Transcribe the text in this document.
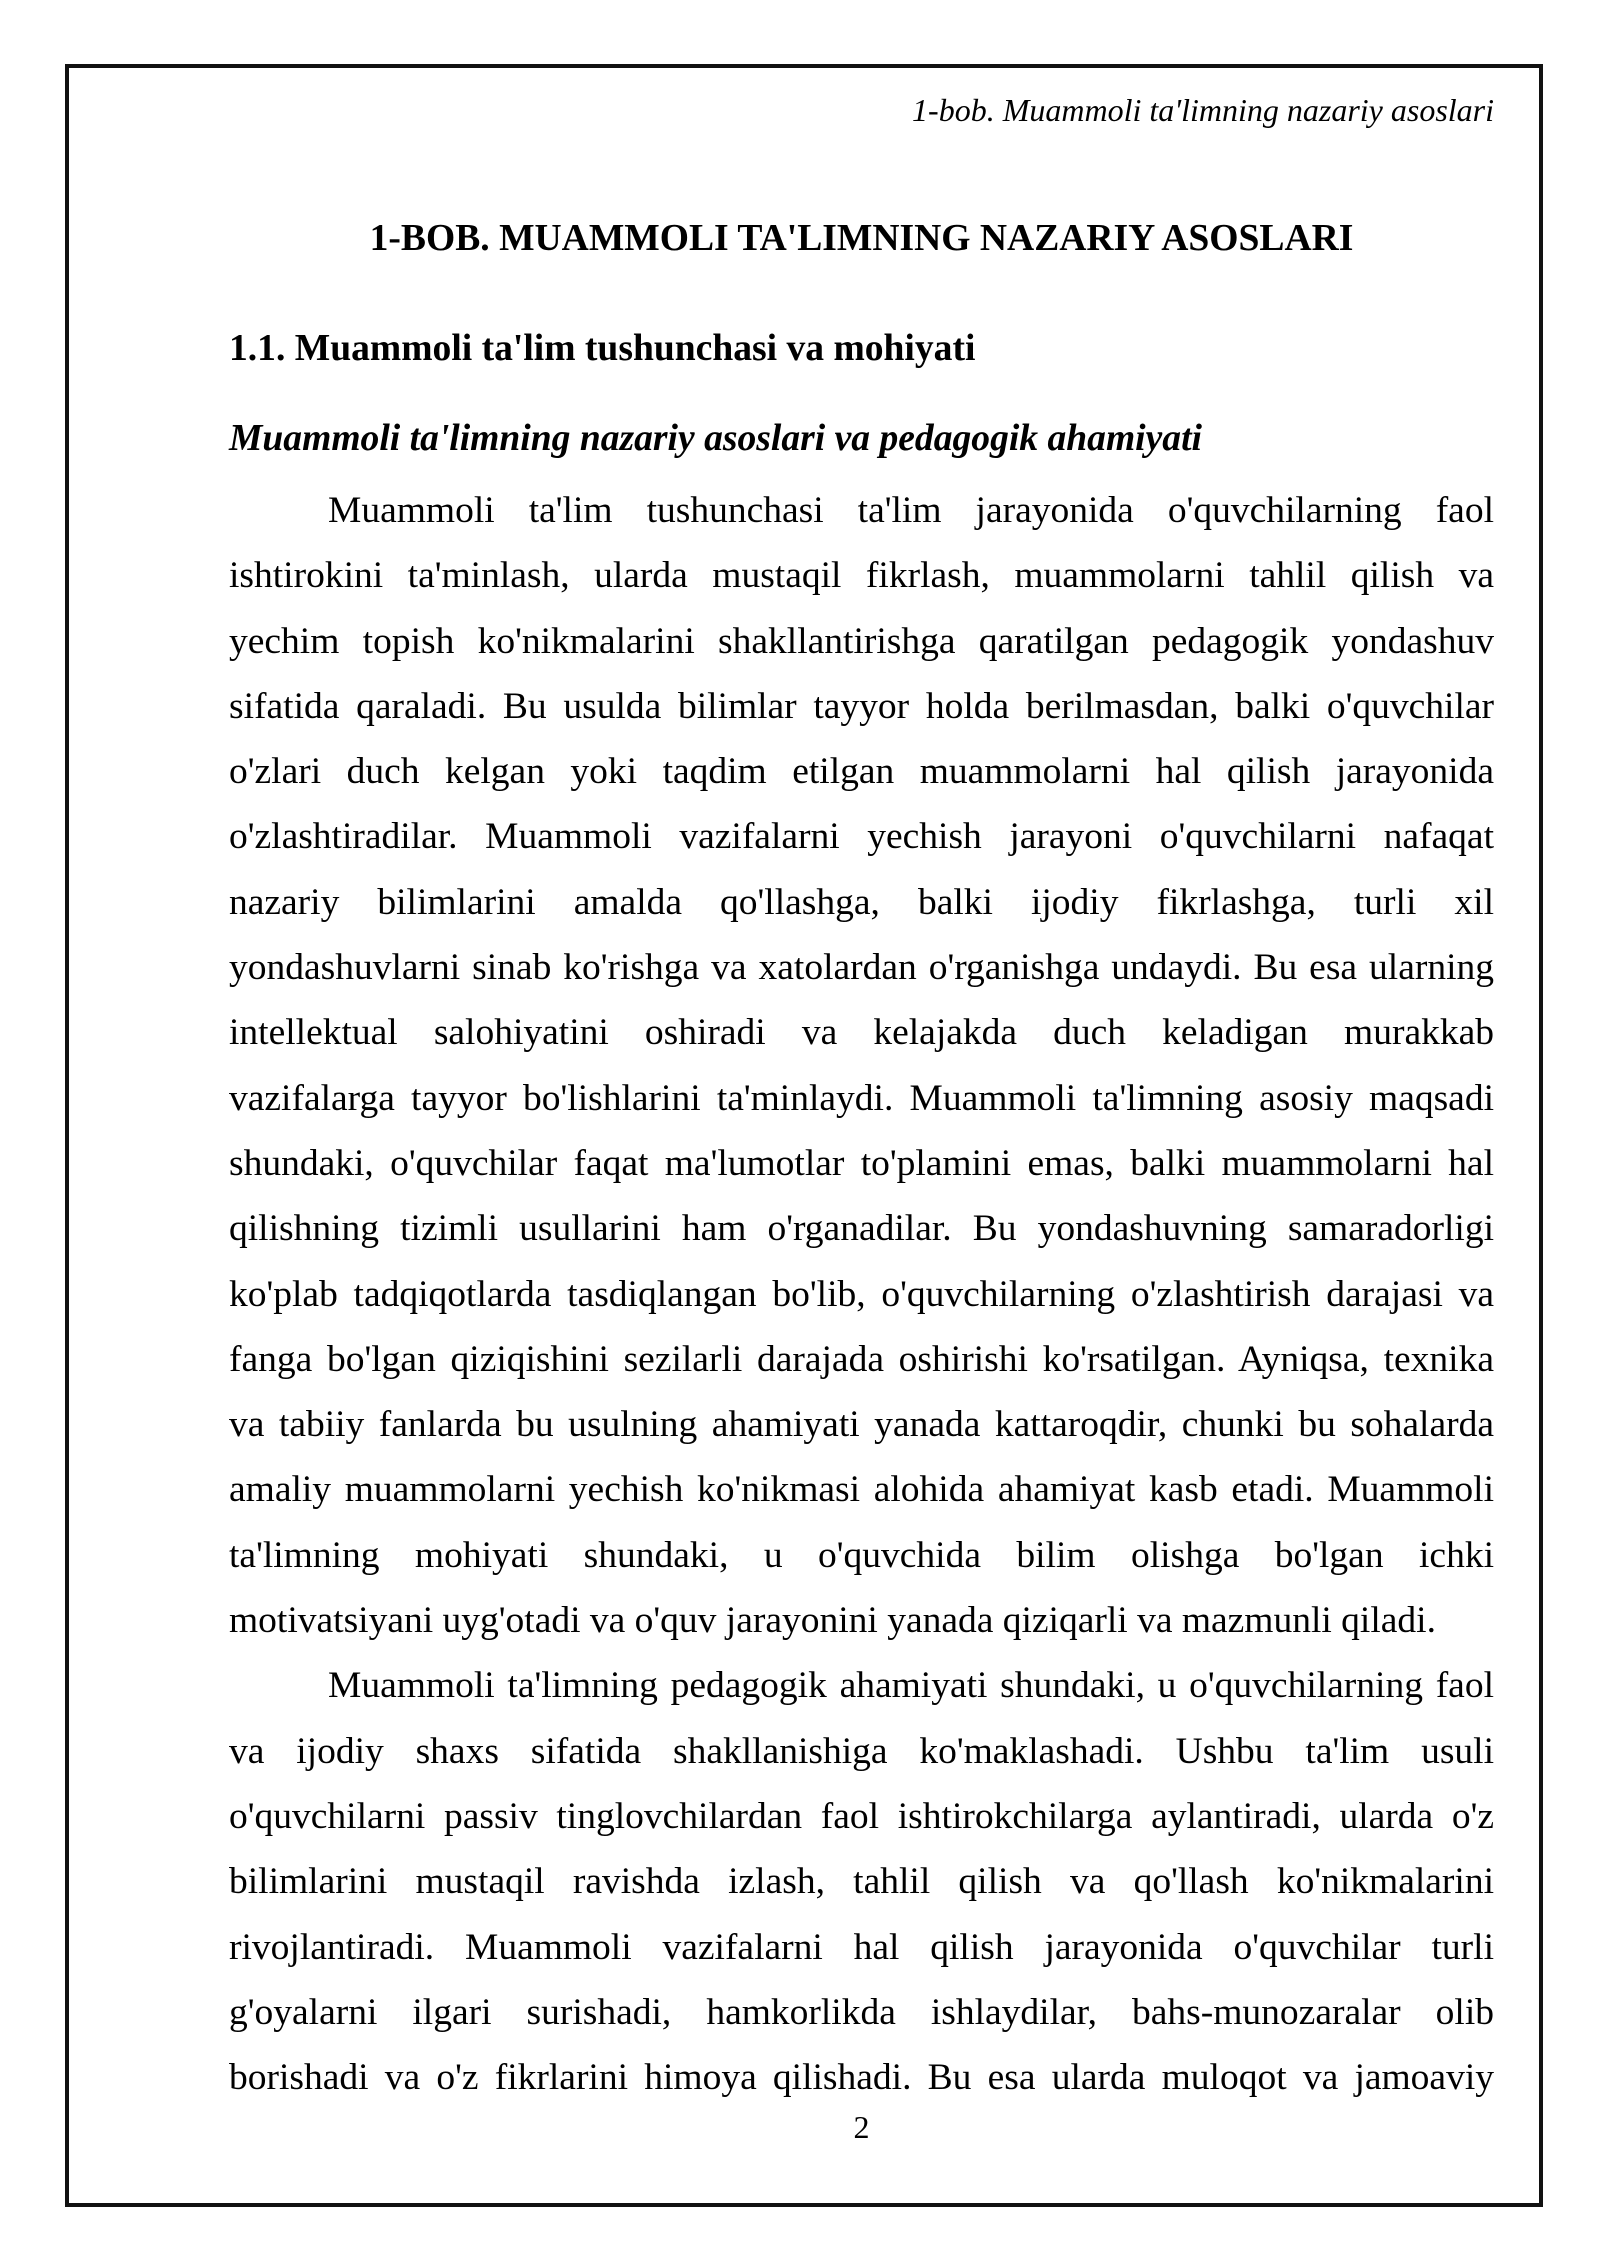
1-bob. Muammoli ta'limning nazariy asoslari
1-BOB. MUAMMOLI TA'LIMNING NAZARIY ASOSLARI
1.1. Muammoli ta'lim tushunchasi va mohiyati
Muammoli ta'limning nazariy asoslari va pedagogik ahamiyati
Muammoli ta'lim tushunchasi ta'lim jarayonida o'quvchilarning faol
ishtirokini ta'minlash, ularda mustaqil fikrlash, muammolarni tahlil qilish va
yechim topish ko'nikmalarini shakllantirishga qaratilgan pedagogik yondashuv
sifatida qaraladi. Bu usulda bilimlar tayyor holda berilmasdan, balki o'quvchilar
o'zlari duch kelgan yoki taqdim etilgan muammolarni hal qilish jarayonida
o'zlashtiradilar. Muammoli vazifalarni yechish jarayoni o'quvchilarni nafaqat
nazariy bilimlarini amalda qo'llashga, balki ijodiy fikrlashga, turli xil
yondashuvlarni sinab ko'rishga va xatolardan o'rganishga undaydi. Bu esa ularning
intellektual salohiyatini oshiradi va kelajakda duch keladigan murakkab
vazifalarga tayyor bo'lishlarini ta'minlaydi. Muammoli ta'limning asosiy maqsadi
shundaki, o'quvchilar faqat ma'lumotlar to'plamini emas, balki muammolarni hal
qilishning tizimli usullarini ham o'rganadilar. Bu yondashuvning samaradorligi
ko'plab tadqiqotlarda tasdiqlangan bo'lib, o'quvchilarning o'zlashtirish darajasi va
fanga bo'lgan qiziqishini sezilarli darajada oshirishi ko'rsatilgan. Ayniqsa, texnika
va tabiiy fanlarda bu usulning ahamiyati yanada kattaroqdir, chunki bu sohalarda
amaliy muammolarni yechish ko'nikmasi alohida ahamiyat kasb etadi. Muammoli
ta'limning mohiyati shundaki, u o'quvchida bilim olishga bo'lgan ichki
motivatsiyani uyg'otadi va o'quv jarayonini yanada qiziqarli va mazmunli qiladi.
Muammoli ta'limning pedagogik ahamiyati shundaki, u o'quvchilarning faol
va ijodiy shaxs sifatida shakllanishiga ko'maklashadi. Ushbu ta'lim usuli
o'quvchilarni passiv tinglovchilardan faol ishtirokchilarga aylantiradi, ularda o'z
bilimlarini mustaqil ravishda izlash, tahlil qilish va qo'llash ko'nikmalarini
rivojlantiradi. Muammoli vazifalarni hal qilish jarayonida o'quvchilar turli
g'oyalarni ilgari surishadi, hamkorlikda ishlaydilar, bahs-munozaralar olib
borishadi va o'z fikrlarini himoya qilishadi. Bu esa ularda muloqot va jamoaviy
2
